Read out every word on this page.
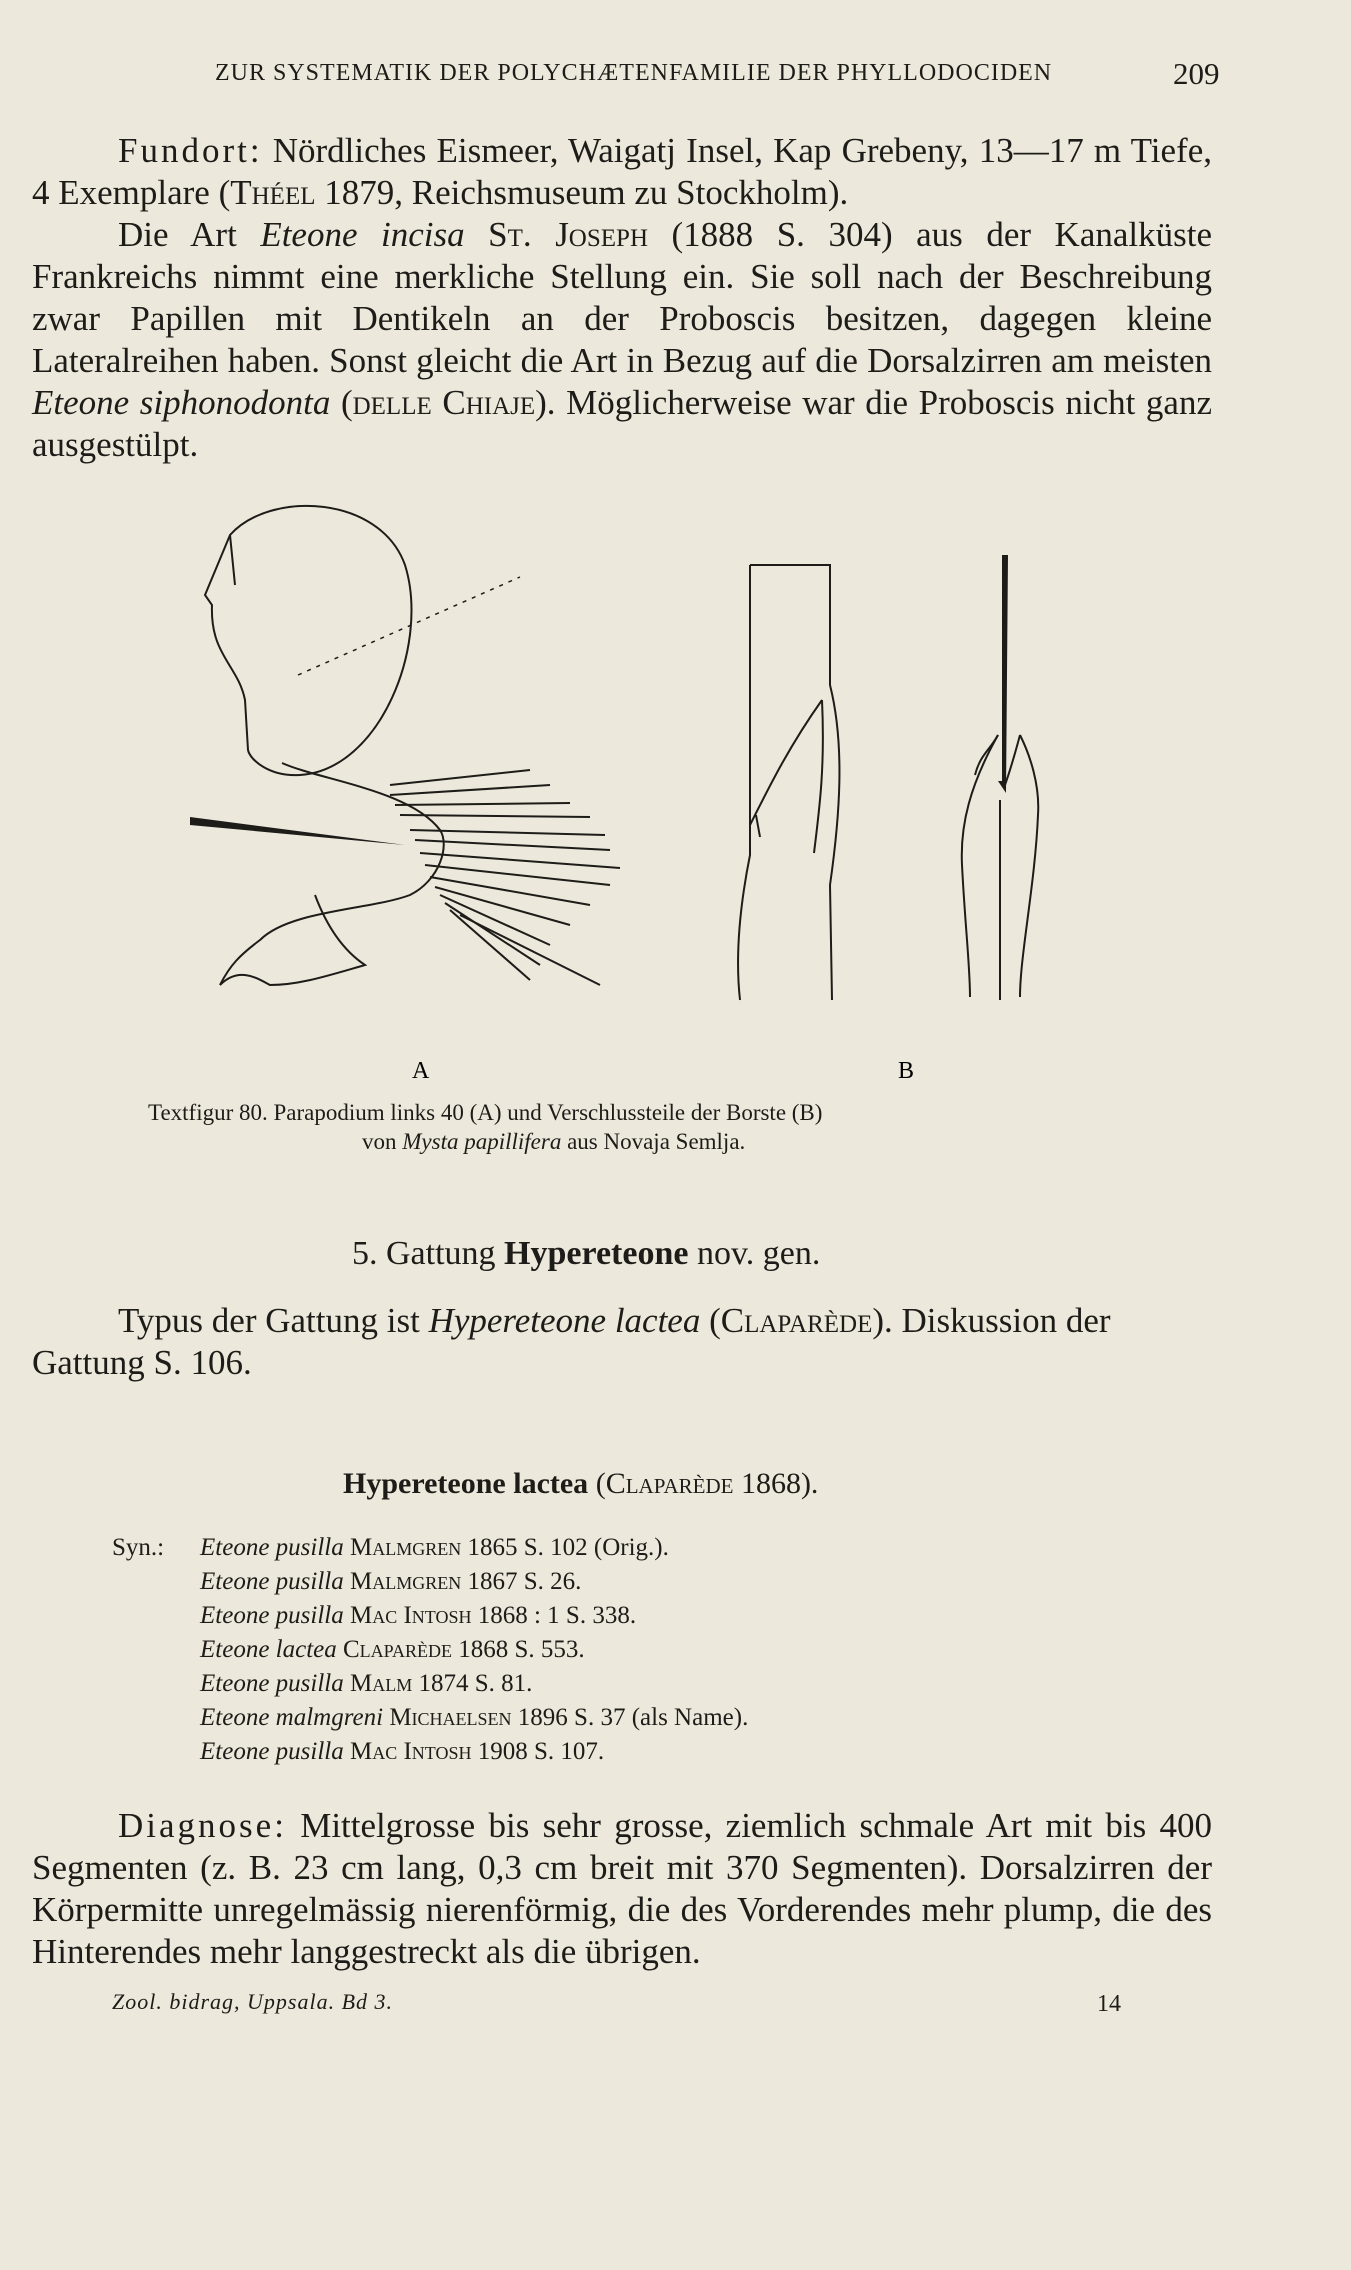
ZUR SYSTEMATIK DER POLYCHÆTENFAMILIE DER PHYLLODOCIDEN	209

Fundort: Nördliches Eismeer, Waigatj Insel, Kap Grebeny, 13—17 m Tiefe, 4 Exemplare (Théel 1879, Reichsmuseum zu Stockholm).

Die Art Eteone incisa St. Joseph (1888 S. 304) aus der Kanalküste Frankreichs nimmt eine merkliche Stellung ein. Sie soll nach der Beschreibung zwar Papillen mit Dentikeln an der Proboscis besitzen, dagegen kleine Lateralreihen haben. Sonst gleicht die Art in Bezug auf die Dorsalzirren am meisten Eteone siphonodonta (delle Chiaje). Möglicherweise war die Proboscis nicht ganz ausgestülpt.

A	B
Textfigur 80. Parapodium links 40 (A) und Verschlussteile der Borste (B)
von Mysta papillifera aus Novaja Semlja.
5. Gattung Hypereteone nov. gen.
Typus der Gattung ist Hypereteone lactea (Claparède). Diskussion der Gattung S. 106.
Hypereteone lactea (Claparède 1868).
Syn.: Eteone pusilla Malmgren 1865 S. 102 (Orig.).
Eteone pusilla Malmgren 1867 S. 26.
Eteone pusilla Mac Intosh 1868 : 1 S. 338.
Eteone lactea Claparède 1868 S. 553.
Eteone pusilla Malm 1874 S. 81.
Eteone malmgreni Michaelsen 1896 S. 37 (als Name).
Eteone pusilla Mac Intosh 1908 S. 107.
Diagnose: Mittelgrosse bis sehr grosse, ziemlich schmale Art mit bis 400 Segmenten (z. B. 23 cm lang, 0,3 cm breit mit 370 Segmenten). Dorsalzirren der Körpermitte unregelmässig nierenförmig, die des Vorderendes mehr plump, die des Hinterendes mehr langgestreckt als die übrigen.
Zool. bidrag, Uppsala. Bd 3.	14
